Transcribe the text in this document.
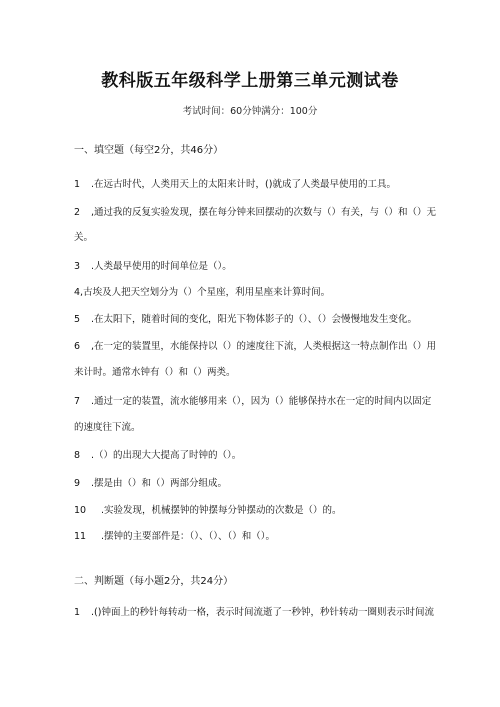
教科版五年级科学上册第三单元测试卷
考试时间：60分钟满分：100分
一、填空题（每空2分，共46分）
1 .在远古时代，人类用天上的太阳来计时，()就成了人类最早使用的工具。
2 ,通过我的反复实验发现，摆在每分钟来回摆动的次数与（）有关，与（）和（）无
关。
3 .人类最早使用的时间单位是（）。
4,古埃及人把天空划分为（）个星座，利用星座来计算时间。
5 .在太阳下，随着时间的变化，阳光下物体影子的（）、（）会慢慢地发生变化。
6 ,在一定的装置里，水能保持以（）的速度往下流，人类根据这一特点制作出（）用
来计时。通常水钟有（）和（）两类。
7 .通过一定的装置，流水能够用来（），因为（）能够保持水在一定的时间内以固定
的速度往下流。
8 .（）的出现大大提高了时钟的（）。
9 .摆是由（）和（）两部分组成。
10 .实验发现，机械摆钟的钟摆每分钟摆动的次数是（）的。
11 .摆钟的主要部件是：（）、（）、（）和（）。
二、判断题（每小题2分，共24分）
1 .()钟面上的秒针每转动一格，表示时间流逝了一秒钟，秒针转动一圈则表示时间流
